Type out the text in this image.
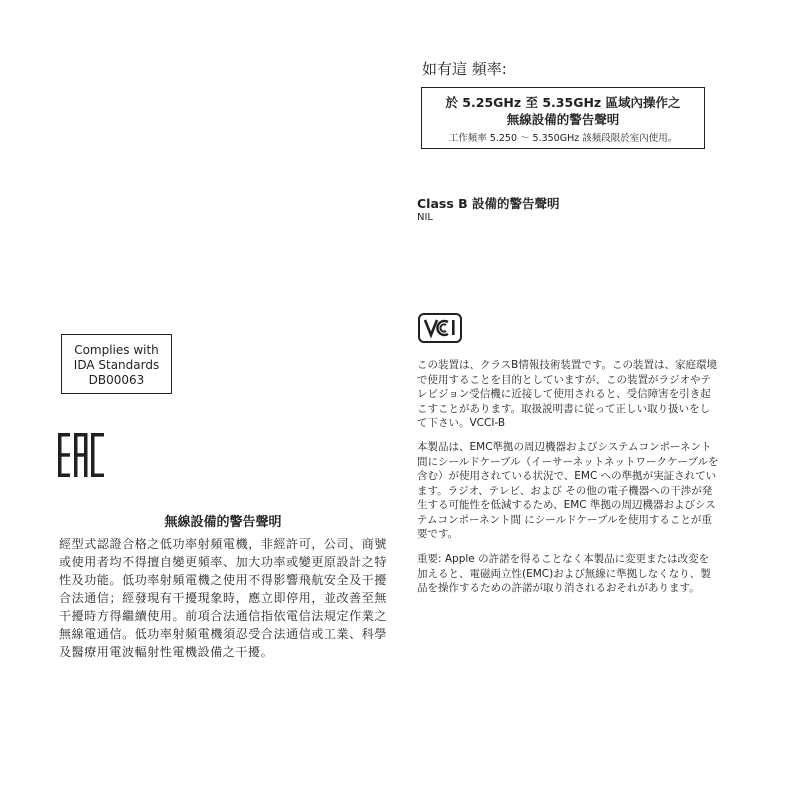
如有這 頻率:
於 5.25GHz 至 5.35GHz 區域內操作之
無線設備的警告聲明
工作頻率 5.250 ～ 5.350GHz 該頻段限於室內使用。
Class B 設備的警告聲明
NIL
この装置は、クラスB情報技術装置です。この装置は、家庭環境で使用することを目的としていますが、この装置がラジオやテレビジョン受信機に近接して使用されると、受信障害を引き起こすことがあります。取扱説明書に従って正しい取り扱いをして下さい。VCCI-B
本製品は、EMC準拠の周辺機器およびシステムコンポーネント間にシールドケーブル（イーサーネットネットワークケーブルを含む）が使用されている状況で、EMC への準拠が実証されています。ラジオ、テレビ、および その他の電子機器への干渉が発生する可能性を低減するため、EMC 準拠の周辺機器およびシステムコンポーネント間 にシールドケーブルを使用することが重要です。
重要: Apple の許諾を得ることなく本製品に変更または改変を加えると、電磁両立性(EMC)および無線に準拠しなくなり、製品を操作するための許諾が取り消されるおそれがあります。
Complies with
IDA Standards
DB00063
無線設備的警告聲明
經型式認證合格之低功率射頻電機，非經許可，公司、商號或使用者均不得擅自變更頻率、加大功率或變更原設計之特性及功能。低功率射頻電機之使用不得影響飛航安全及干擾合法通信；經發現有干擾現象時，應立即停用，並改善至無干擾時方得繼續使用。前項合法通信指依電信法規定作業之無線電通信。低功率射頻電機須忍受合法通信或工業、科學及醫療用電波輻射性電機設備之干擾。
